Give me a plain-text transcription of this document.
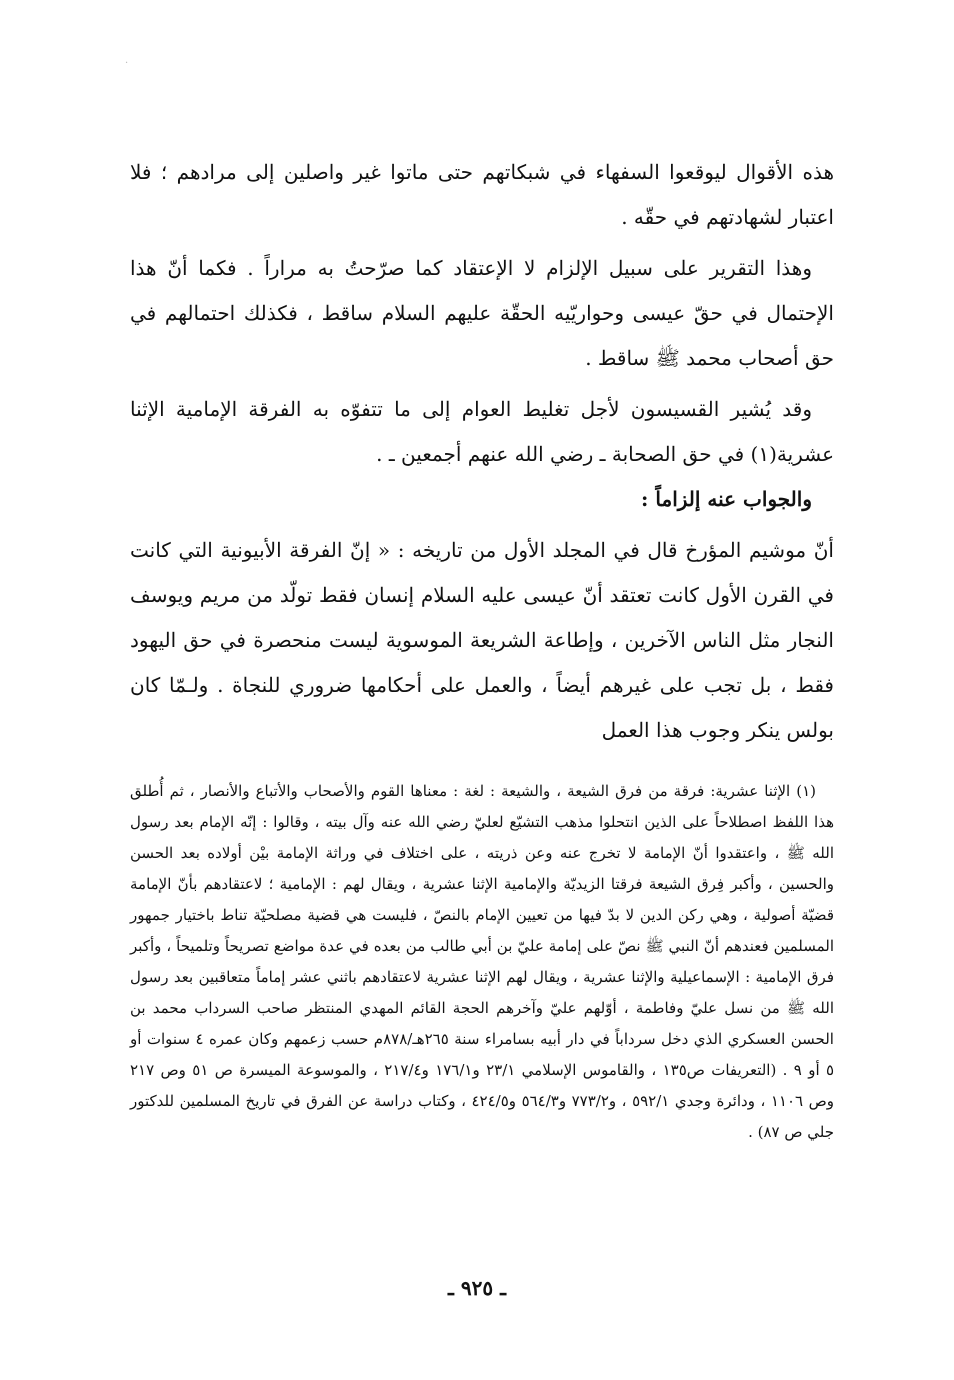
·

هذه الأقوال ليوقعوا السفهاء في شبكاتهم حتى ماتوا غير واصلين إلى مرادهم ؛ فلا اعتبار لشهادتهم في حقّه .

وهذا التقرير على سبيل الإلزام لا الإعتقاد كما صرّحتُ به مراراً . فكما أنّ هذا الإحتمال في حقّ عيسى وحواريّيه الحقّة عليهم السلام ساقط ، فكذلك احتمالهم في حق أصحاب محمد ﷺ ساقط .

وقد يُشير القسيسون لأجل تغليط العوام إلى ما تتفوّه به الفرقة الإمامية الإثنا عشرية(١) في حق الصحابة ـ رضي الله عنهم أجمعين ـ .

والجواب عنه إلزاماً :

أنّ موشيم المؤرخ قال في المجلد الأول من تاريخه : « إنّ الفرقة الأبيونية التي كانت في القرن الأول كانت تعتقد أنّ عيسى عليه السلام إنسان فقط تولّد من مريم ويوسف النجار مثل الناس الآخرين ، وإطاعة الشريعة الموسوية ليست منحصرة في حق اليهود فقط ، بل تجب على غيرهم أيضاً ، والعمل على أحكامها ضروري للنجاة . ولـمّا كان بولس ينكر وجوب هذا العمل

(١) الإثنا عشرية: فرقة من فرق الشيعة ، والشيعة : لغة : معناها القوم والأصحاب والأتباع والأنصار ، ثم أُطلق هذا اللفظ اصطلاحاً على الذين انتحلوا مذهب التشيّع لعليّ رضي الله عنه وآل بيته ، وقالوا : إنّه الإمام بعد رسول الله ﷺ ، واعتقدوا أنّ الإمامة لا تخرج عنه وعن ذريته ، على اختلاف في وراثة الإمامة بيْن أولاده بعد الحسن والحسين ، وأكبر فِرق الشيعة فرقتا الزيديّة والإمامية الإثنا عشرية ، ويقال لهم : الإمامية ؛ لاعتقادهم بأنّ الإمامة قضيّة أصولية ، وهي ركن الدين لا بدّ فيها من تعيين الإمام بالنصّ ، فليست هي قضية مصلحيّة تناط باختيار جمهور المسلمين فعندهم أنّ النبي ﷺ نصّ على إمامة عليّ بن أبي طالب من بعده في عدة مواضع تصريحاً وتلميحاً ، وأكبر فرق الإمامية : الإسماعيلية والإثنا عشرية ، ويقال لهم الإثنا عشرية لاعتقادهم باثني عشر إماماً متعاقبين بعد رسول الله ﷺ من نسل عليّ وفاطمة ، أوّلهم عليّ وآخرهم الحجة القائم المهدي المنتظر صاحب السرداب محمد بن الحسن العسكري الذي دخل سرداباً في دار أبيه بسامراء سنة ٢٦٥هـ/٨٧٨م حسب زعمهم وكان عمره ٤ سنوات أو ٥ أو ٩ . (التعريفات ص١٣٥ ، والقاموس الإسلامي ٢٣/١ و١٧٦/١ و٢١٧/٤ ، والموسوعة الميسرة ص ٥١ وص ٢١٧ وص ١١٠٦ ، ودائرة وجدي ٥٩٢/١ ، و٧٧٣/٢ و٥٦٤/٣ و٤٢٤/٥ ، وكتاب دراسة عن الفرق في تاريخ المسلمين للدكتور جلي ص ٨٧) .

ـ ٩٢٥ ـ
